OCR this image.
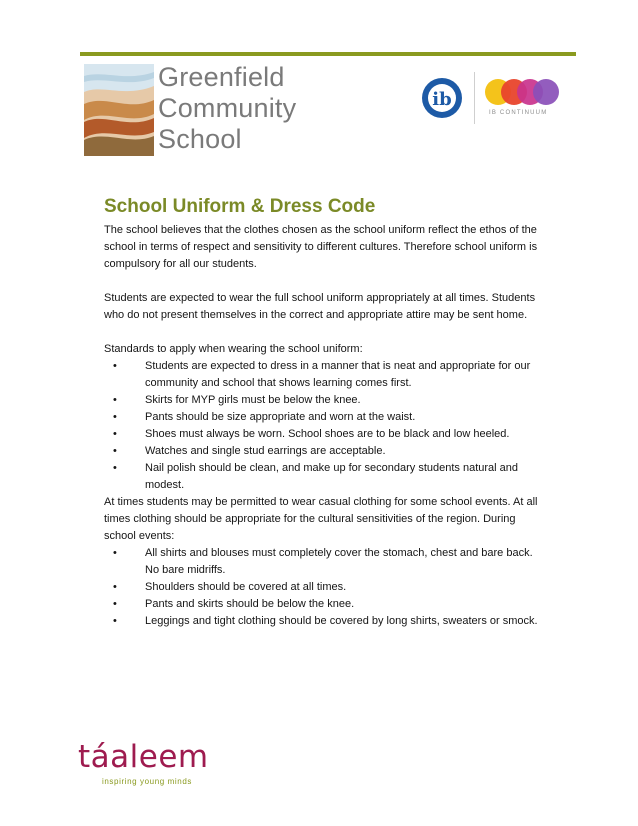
Greenfield
Community
School
ib
IB CONTINUUM
School Uniform & Dress Code

The school believes that the clothes chosen as the school uniform reflect the ethos of the school in terms of respect and sensitivity to different cultures. Therefore school uniform is compulsory for all our students.

Students are expected to wear the full school uniform appropriately at all times. Students who do not present themselves in the correct and appropriate attire may be sent home.

Standards to apply when wearing the school uniform:

• Students are expected to dress in a manner that is neat and appropriate for our community and school that shows learning comes first.
• Skirts for MYP girls must be below the knee.
• Pants should be size appropriate and worn at the waist.
• Shoes must always be worn. School shoes are to be black and low heeled.
• Watches and single stud earrings are acceptable.
• Nail polish should be clean, and make up for secondary students natural and modest.

At times students may be permitted to wear casual clothing for some school events. At all times clothing should be appropriate for the cultural sensitivities of the region. During school events:

• All shirts and blouses must completely cover the stomach, chest and bare back. No bare midriffs.
• Shoulders should be covered at all times.
• Pants and skirts should be below the knee.
• Leggings and tight clothing should be covered by long shirts, sweaters or smock.
táaleem
inspiring young minds
